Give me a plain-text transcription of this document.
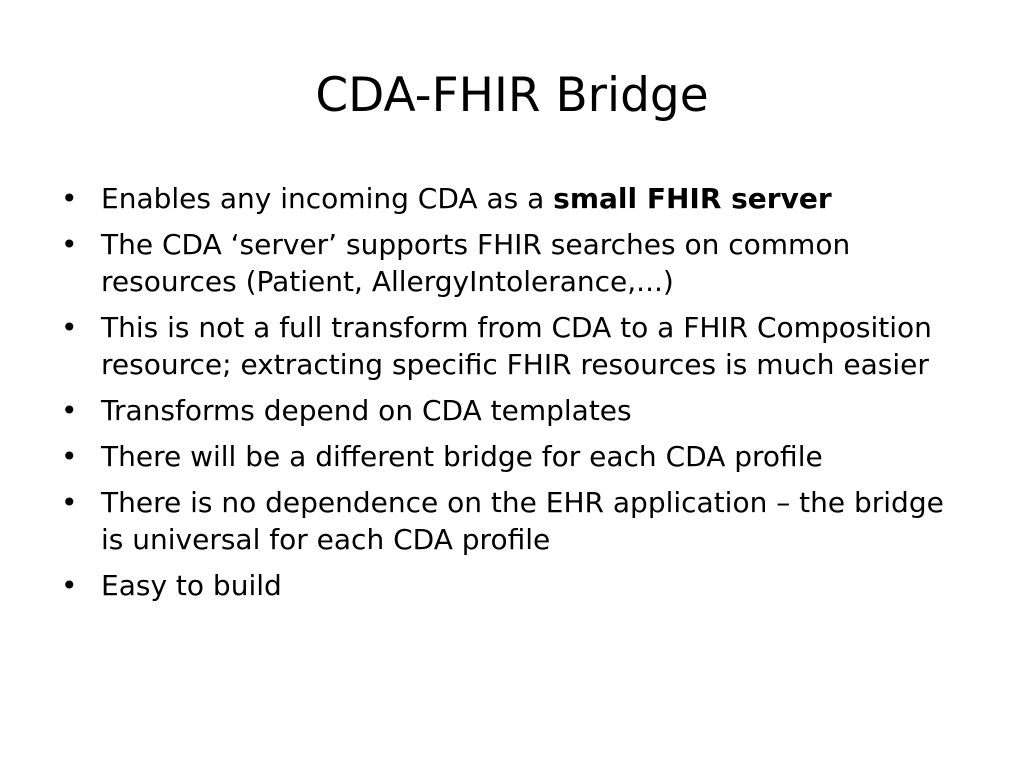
CDA-FHIR Bridge
• Enables any incoming CDA as a small FHIR server
• The CDA ‘server’ supports FHIR searches on common resources (Patient, AllergyIntolerance,...)
• This is not a full transform from CDA to a FHIR Composition resource; extracting specific FHIR resources is much easier
• Transforms depend on CDA templates
• There will be a different bridge for each CDA profile
• There is no dependence on the EHR application – the bridge is universal for each CDA profile
• Easy to build
